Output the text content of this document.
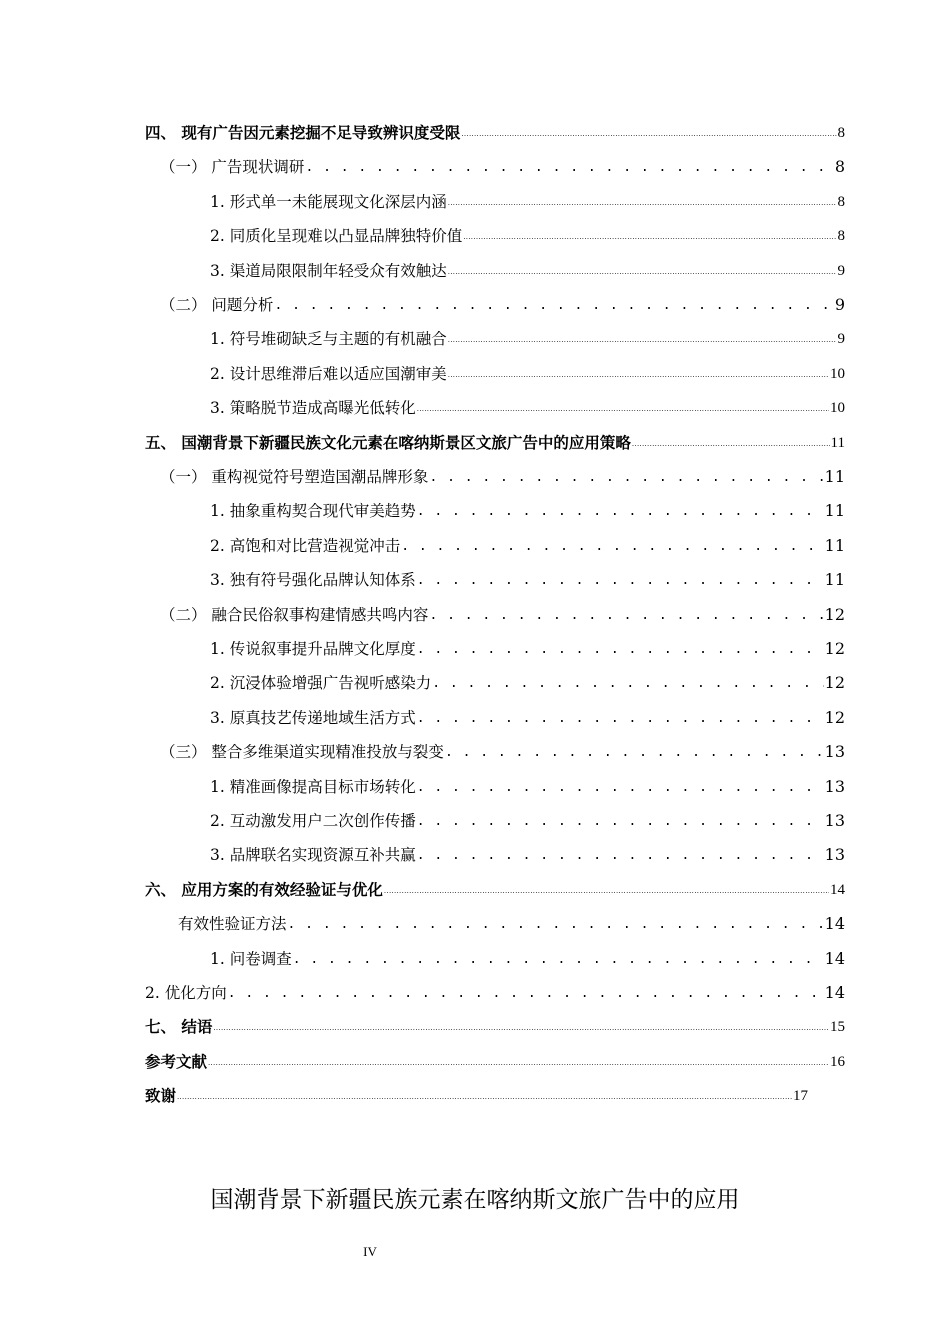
四、 现有广告因元素挖掘不足导致辨识度受限 .....	8
（一） 广告现状调研 . . .	8
1. 形式单一未能展现文化深层内涵 .....	8
2. 同质化呈现难以凸显品牌独特价值 .....	8
3. 渠道局限限制年轻受众有效触达 .....	9
（二） 问题分析 . . .	9
1. 符号堆砌缺乏与主题的有机融合 .....	9
2. 设计思维滞后难以适应国潮审美 .....	10
3. 策略脱节造成高曝光低转化 .....	10
五、 国潮背景下新疆民族文化元素在喀纳斯景区文旅广告中的应用策略 .....	11
（一） 重构视觉符号塑造国潮品牌形象 . . .	11
1. 抽象重构契合现代审美趋势 . . .	11
2. 高饱和对比营造视觉冲击 . . .	11
3. 独有符号强化品牌认知体系 . . .	11
（二） 融合民俗叙事构建情感共鸣内容 . . .	12
1. 传说叙事提升品牌文化厚度 . . .	12
2. 沉浸体验增强广告视听感染力 . . .	12
3. 原真技艺传递地域生活方式 . . .	12
（三） 整合多维渠道实现精准投放与裂变 . . .	13
1. 精准画像提高目标市场转化 . . .	13
2. 互动激发用户二次创作传播 . . .	13
3. 品牌联名实现资源互补共赢 . . .	13
六、 应用方案的有效经验证与优化 .....	14
有效性验证方法 . . .	14
1. 问卷调查 . . .	14
2. 优化方向 . . .	14
七、 结语 .....	15
参考文献 .....	16
致谢 .....	17
国潮背景下新疆民族元素在喀纳斯文旅广告中的应用
IV
